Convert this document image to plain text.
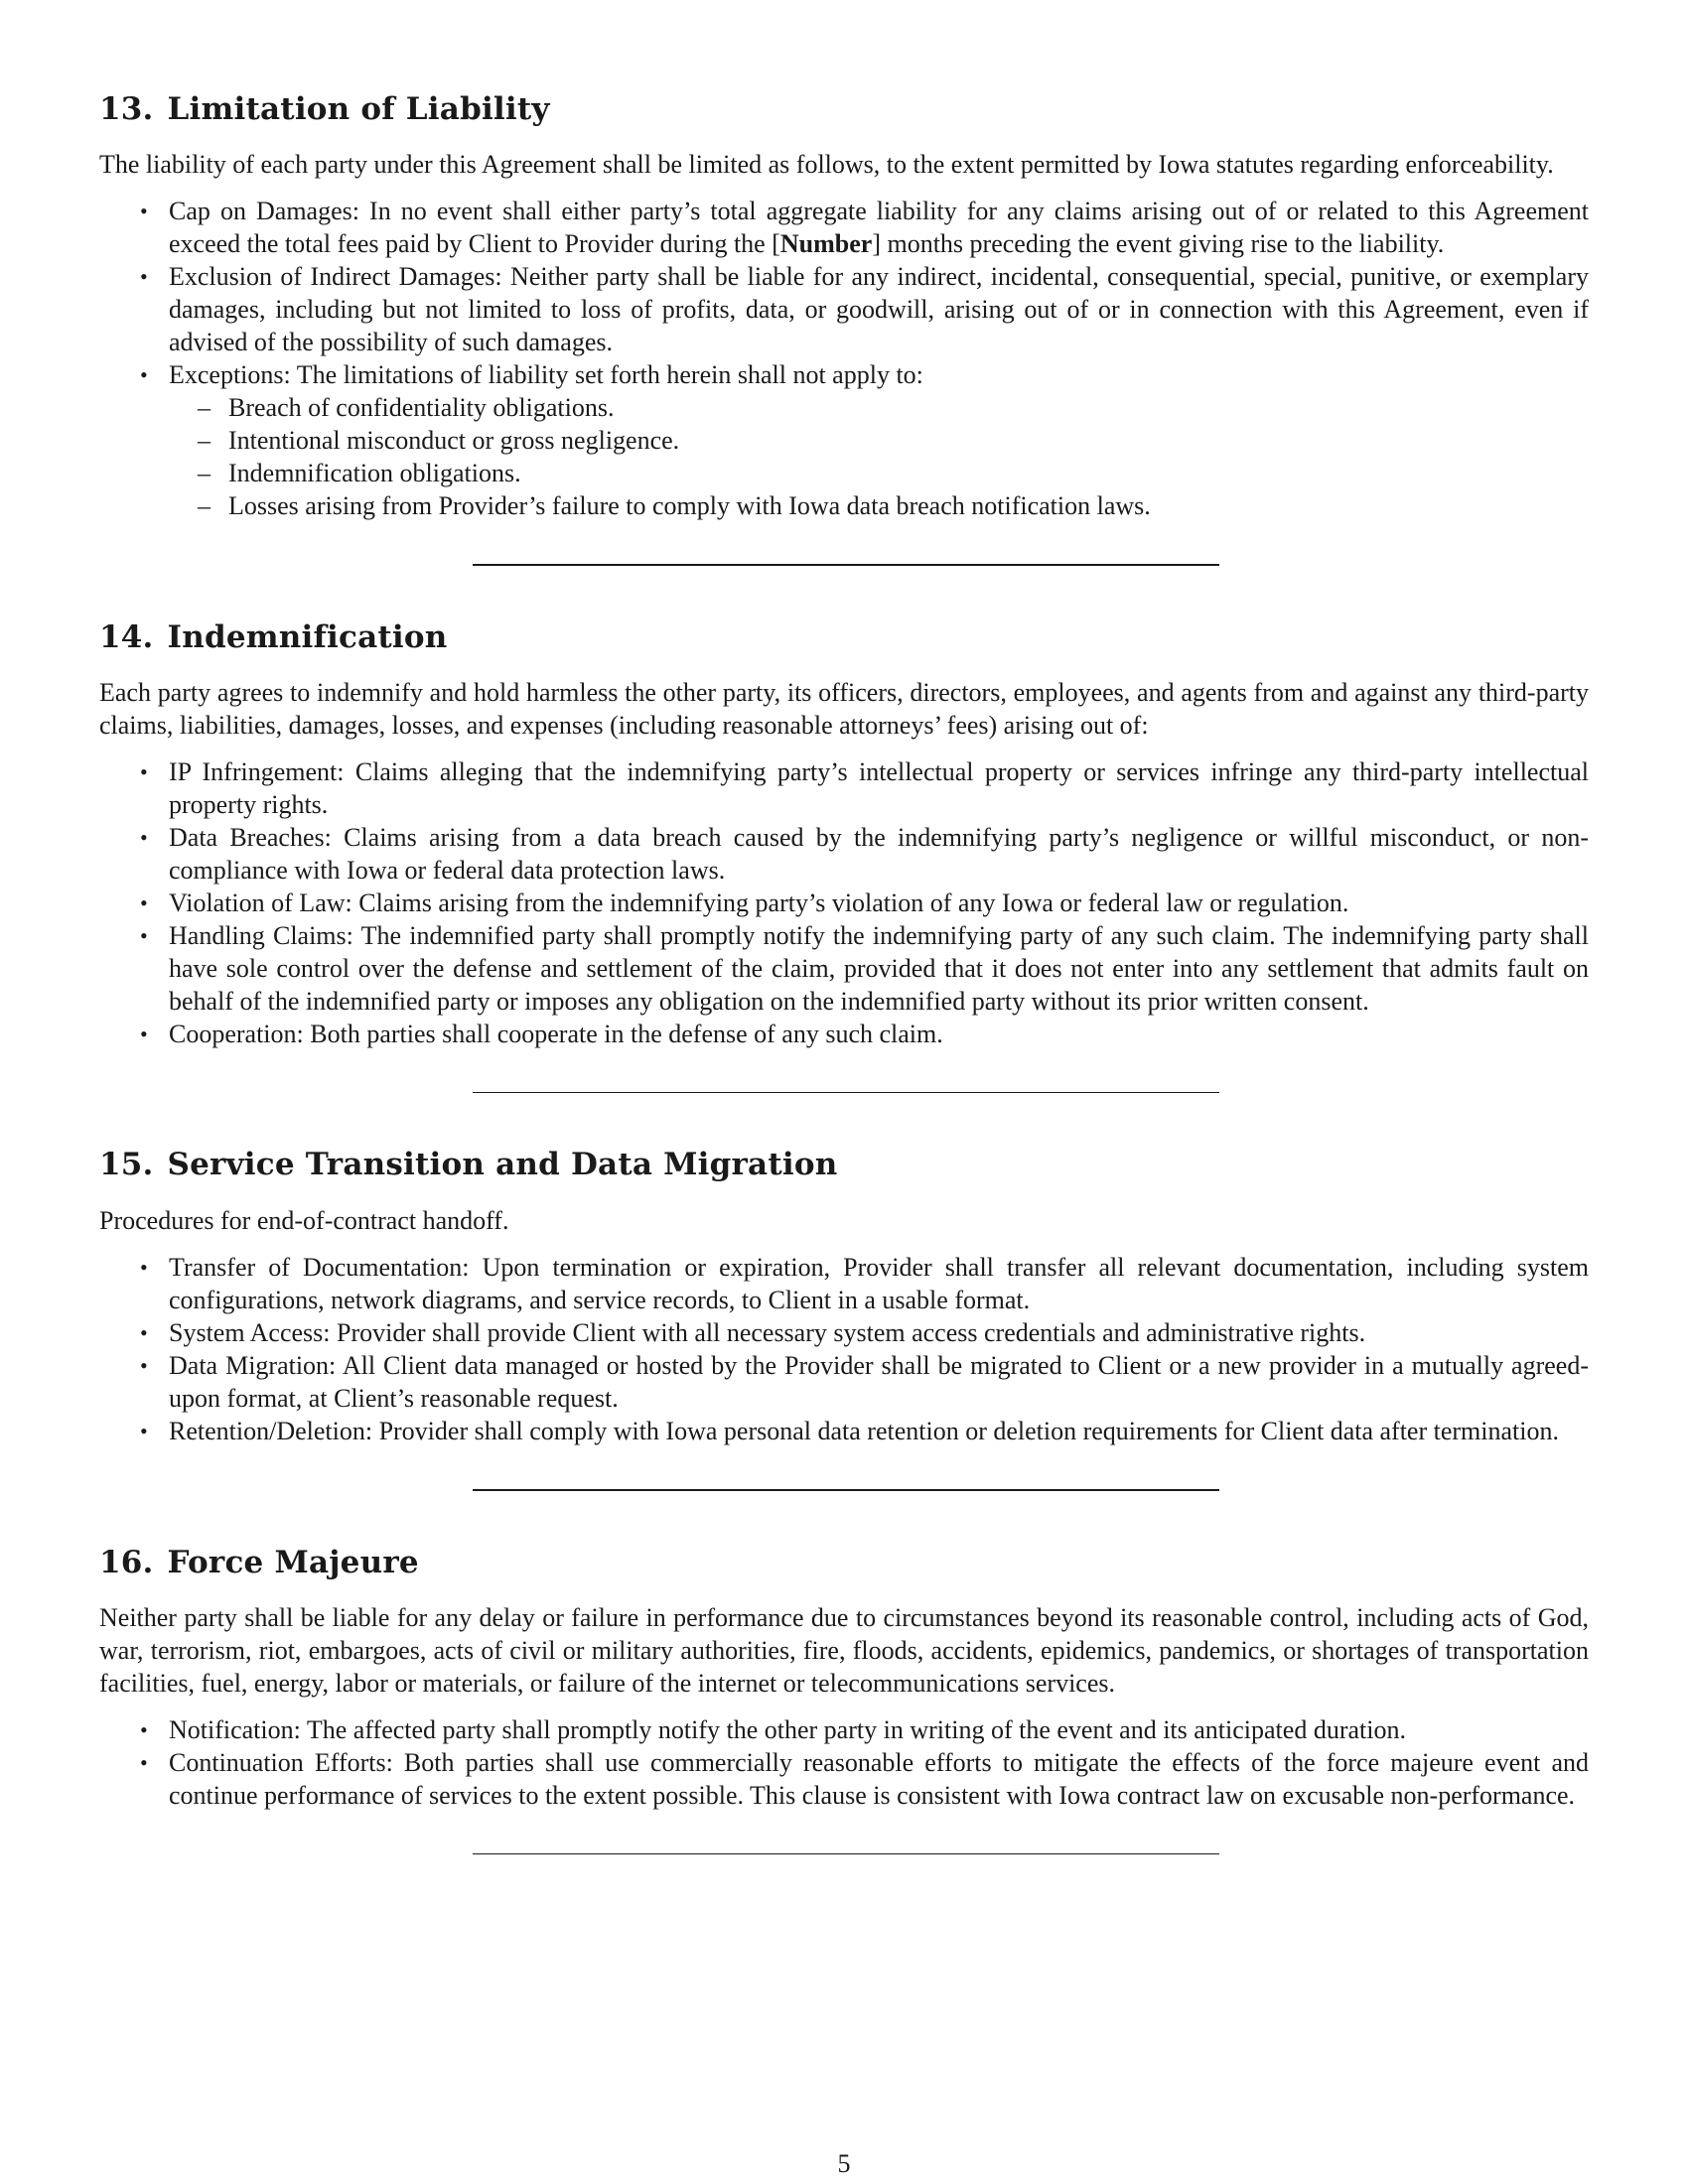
13. Limitation of Liability

The liability of each party under this Agreement shall be limited as follows, to the extent permitted by Iowa statutes regarding enforceability.

• Cap on Damages: In no event shall either party’s total aggregate liability for any claims arising out of or related to this Agreement exceed the total fees paid by Client to Provider during the [Number] months preceding the event giving rise to the liability.
• Exclusion of Indirect Damages: Neither party shall be liable for any indirect, incidental, consequential, special, punitive, or exemplary damages, including but not limited to loss of profits, data, or goodwill, arising out of or in connection with this Agreement, even if advised of the possibility of such damages.
• Exceptions: The limitations of liability set forth herein shall not apply to:
– Breach of confidentiality obligations.
– Intentional misconduct or gross negligence.
– Indemnification obligations.
– Losses arising from Provider’s failure to comply with Iowa data breach notification laws.
14. Indemnification

Each party agrees to indemnify and hold harmless the other party, its officers, directors, employees, and agents from and against any third-party claims, liabilities, damages, losses, and expenses (including reasonable attorneys’ fees) arising out of:

• IP Infringement: Claims alleging that the indemnifying party’s intellectual property or services infringe any third-party intellectual property rights.
• Data Breaches: Claims arising from a data breach caused by the indemnifying party’s negligence or willful misconduct, or non-compliance with Iowa or federal data protection laws.
• Violation of Law: Claims arising from the indemnifying party’s violation of any Iowa or federal law or regulation.
• Handling Claims: The indemnified party shall promptly notify the indemnifying party of any such claim. The indemnifying party shall have sole control over the defense and settlement of the claim, provided that it does not enter into any settlement that admits fault on behalf of the indemnified party or imposes any obligation on the indemnified party without its prior written consent.
• Cooperation: Both parties shall cooperate in the defense of any such claim.
15. Service Transition and Data Migration

Procedures for end-of-contract handoff.

• Transfer of Documentation: Upon termination or expiration, Provider shall transfer all relevant documentation, including system configurations, network diagrams, and service records, to Client in a usable format.
• System Access: Provider shall provide Client with all necessary system access credentials and administrative rights.
• Data Migration: All Client data managed or hosted by the Provider shall be migrated to Client or a new provider in a mutually agreed-upon format, at Client’s reasonable request.
• Retention/Deletion: Provider shall comply with Iowa personal data retention or deletion requirements for Client data after termination.
16. Force Majeure

Neither party shall be liable for any delay or failure in performance due to circumstances beyond its reasonable control, including acts of God, war, terrorism, riot, embargoes, acts of civil or military authorities, fire, floods, accidents, epidemics, pandemics, or shortages of transportation facilities, fuel, energy, labor or materials, or failure of the internet or telecommunications services.

• Notification: The affected party shall promptly notify the other party in writing of the event and its anticipated duration.
• Continuation Efforts: Both parties shall use commercially reasonable efforts to mitigate the effects of the force majeure event and continue performance of services to the extent possible. This clause is consistent with Iowa contract law on excusable non-performance.
5
